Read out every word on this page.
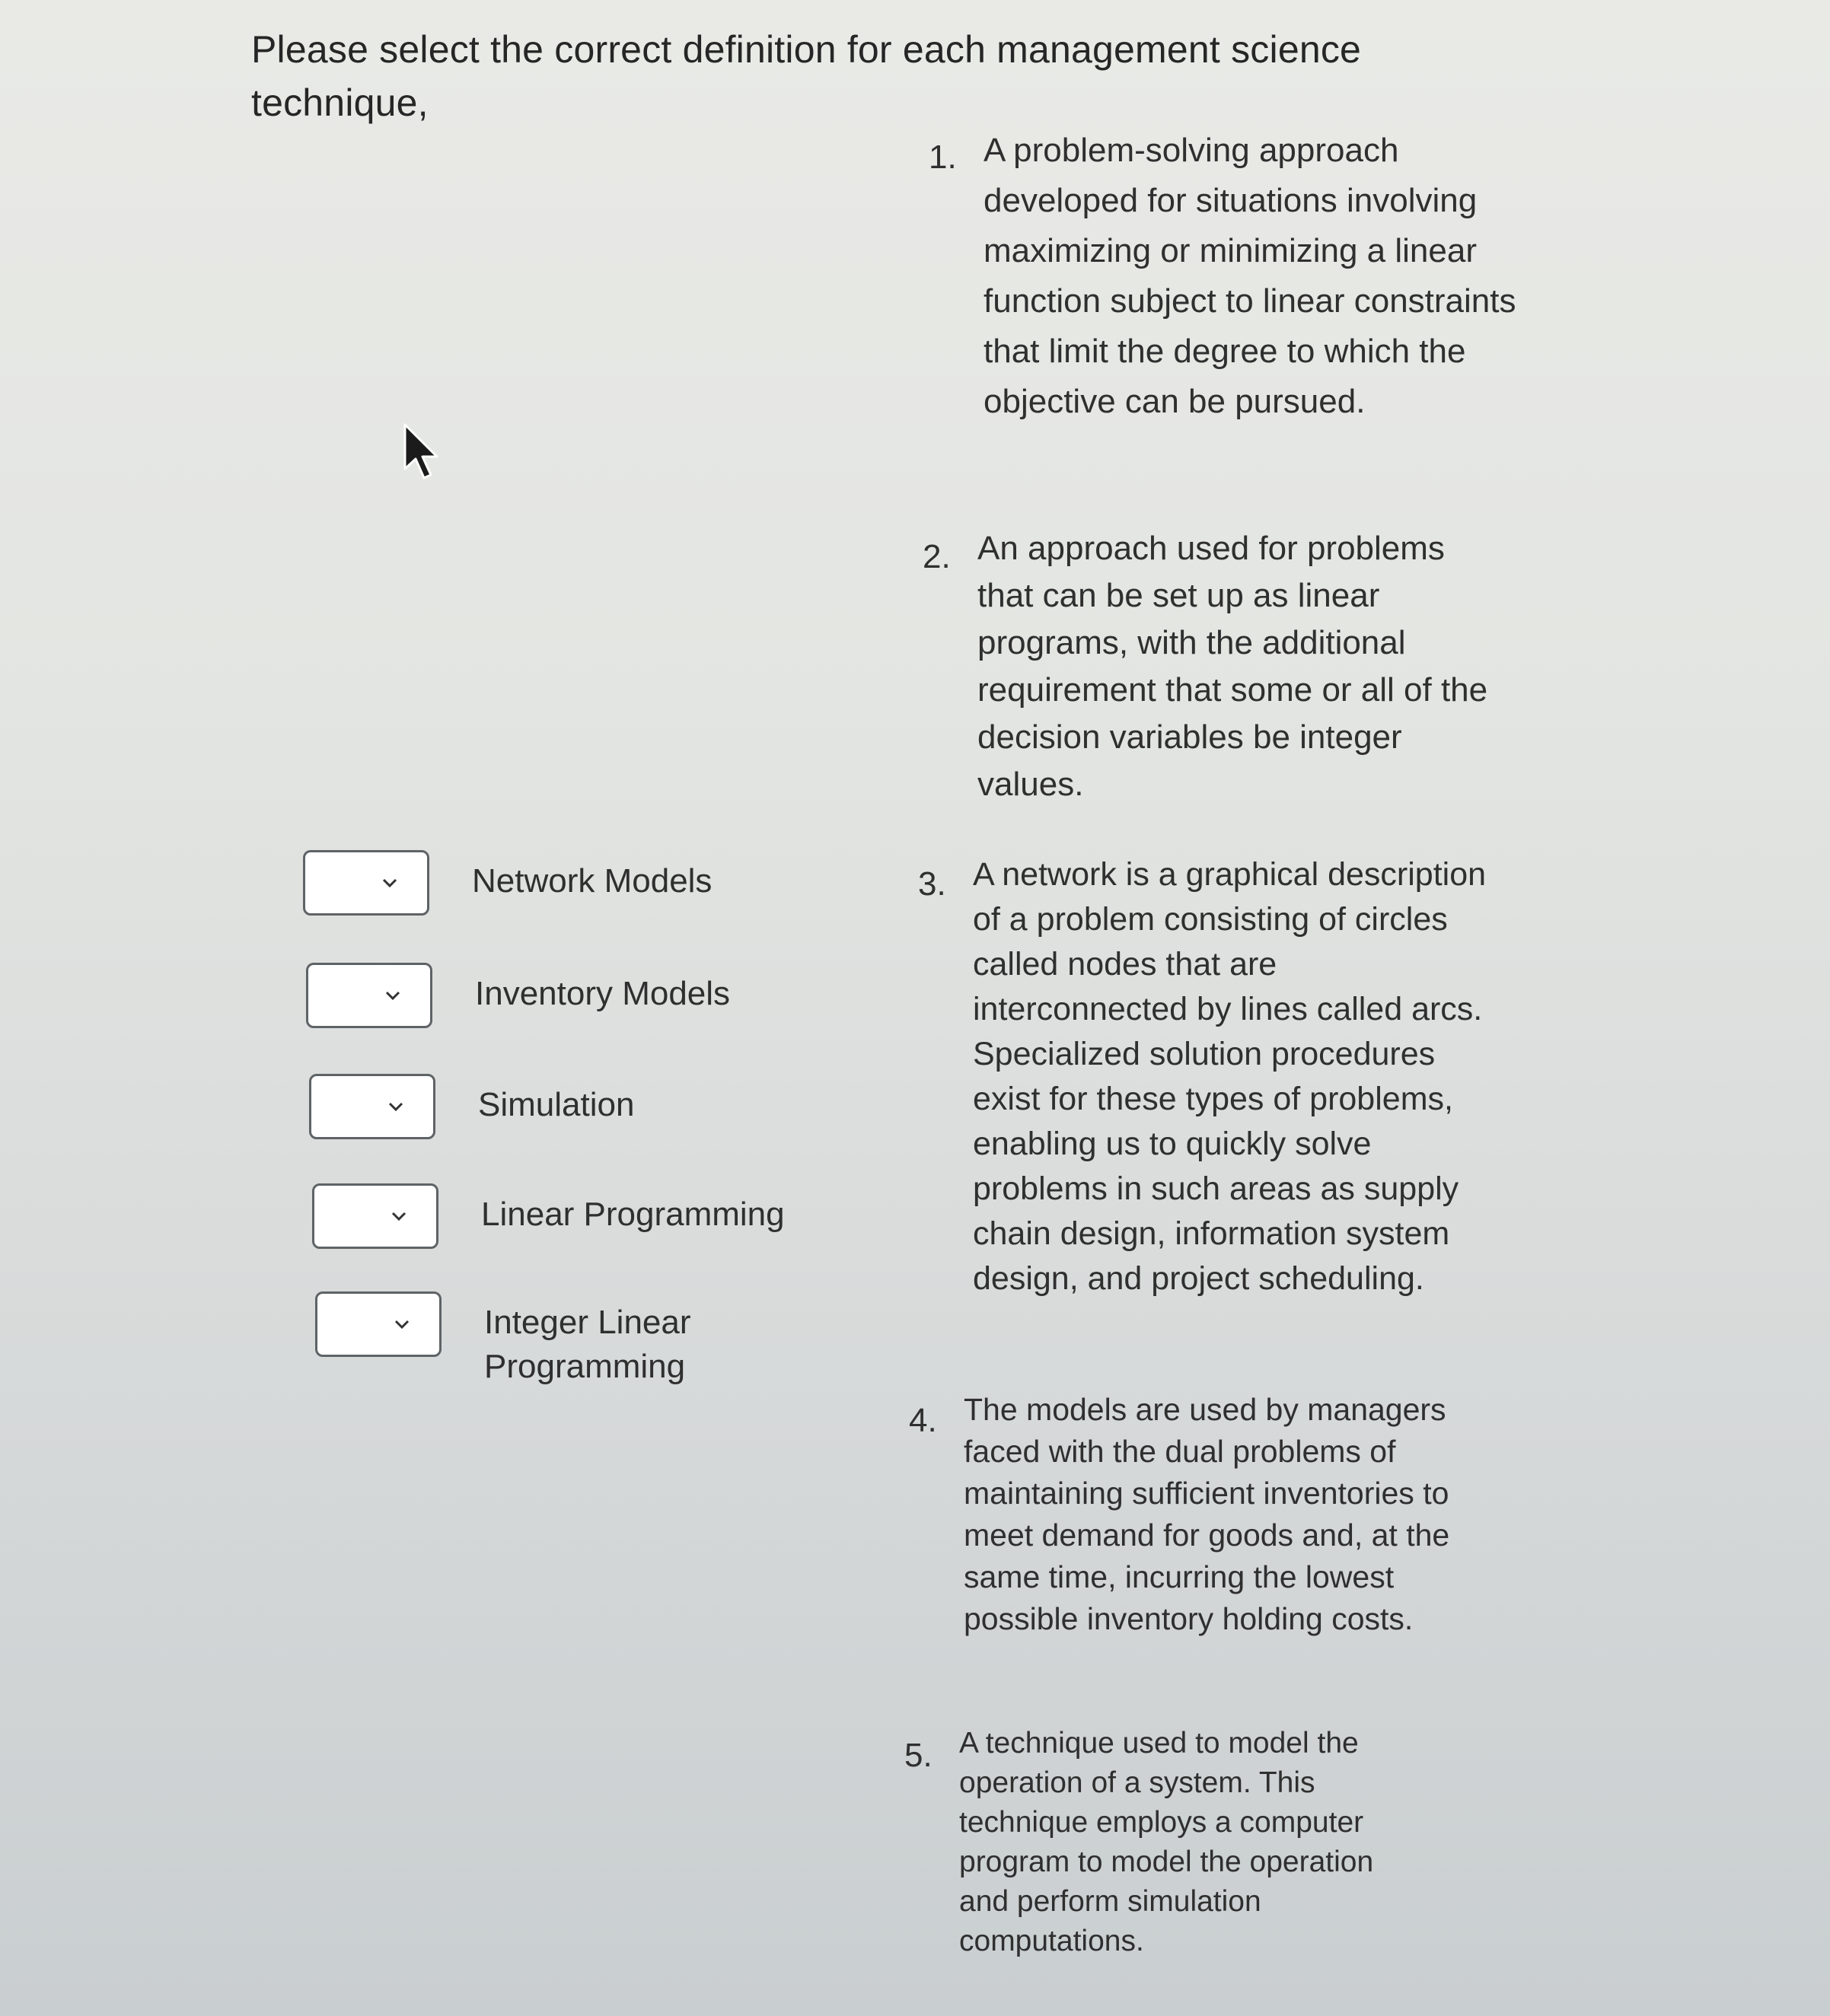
Please select the correct definition for each management science technique,
Network Models
Inventory Models
Simulation
Linear Programming
Integer Linear Programming
1. A problem-solving approach developed for situations involving maximizing or minimizing a linear function subject to linear constraints that limit the degree to which the objective can be pursued.
2. An approach used for problems that can be set up as linear programs, with the additional requirement that some or all of the decision variables be integer values.
3. A network is a graphical description of a problem consisting of circles called nodes that are interconnected by lines called arcs. Specialized solution procedures exist for these types of problems, enabling us to quickly solve problems in such areas as supply chain design, information system design, and project scheduling.
4. The models are used by managers faced with the dual problems of maintaining sufficient inventories to meet demand for goods and, at the same time, incurring the lowest possible inventory holding costs.
5. A technique used to model the operation of a system. This technique employs a computer program to model the operation and perform simulation computations.
